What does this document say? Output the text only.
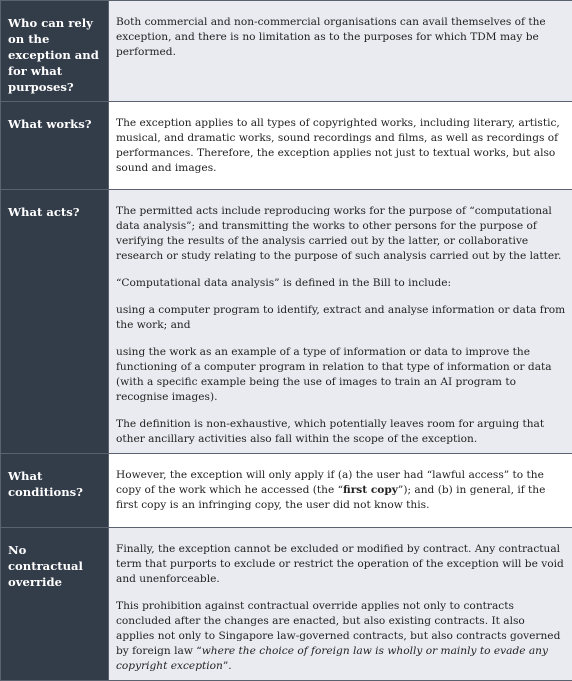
Who can rely on the exception and for what purposes?	Both commercial and non-commercial organisations can avail themselves of the exception, and there is no limitation as to the purposes for which TDM may be performed.

What works?	The exception applies to all types of copyrighted works, including literary, artistic, musical, and dramatic works, sound recordings and films, as well as recordings of performances. Therefore, the exception applies not just to textual works, but also sound and images.

What acts?	The permitted acts include reproducing works for the purpose of “computational data analysis”; and transmitting the works to other persons for the purpose of verifying the results of the analysis carried out by the latter, or collaborative research or study relating to the purpose of such analysis carried out by the latter.

“Computational data analysis” is defined in the Bill to include:

using a computer program to identify, extract and analyse information or data from the work; and

using the work as an example of a type of information or data to improve the functioning of a computer program in relation to that type of information or data (with a specific example being the use of images to train an AI program to recognise images).

The definition is non-exhaustive, which potentially leaves room for arguing that other ancillary activities also fall within the scope of the exception.

What conditions?	However, the exception will only apply if (a) the user had “lawful access” to the copy of the work which he accessed (the “first copy”); and (b) in general, if the first copy is an infringing copy, the user did not know this.

No contractual override	Finally, the exception cannot be excluded or modified by contract. Any contractual term that purports to exclude or restrict the operation of the exception will be void and unenforceable.

This prohibition against contractual override applies not only to contracts concluded after the changes are enacted, but also existing contracts. It also applies not only to Singapore law-governed contracts, but also contracts governed by foreign law “where the choice of foreign law is wholly or mainly to evade any copyright exception”.
